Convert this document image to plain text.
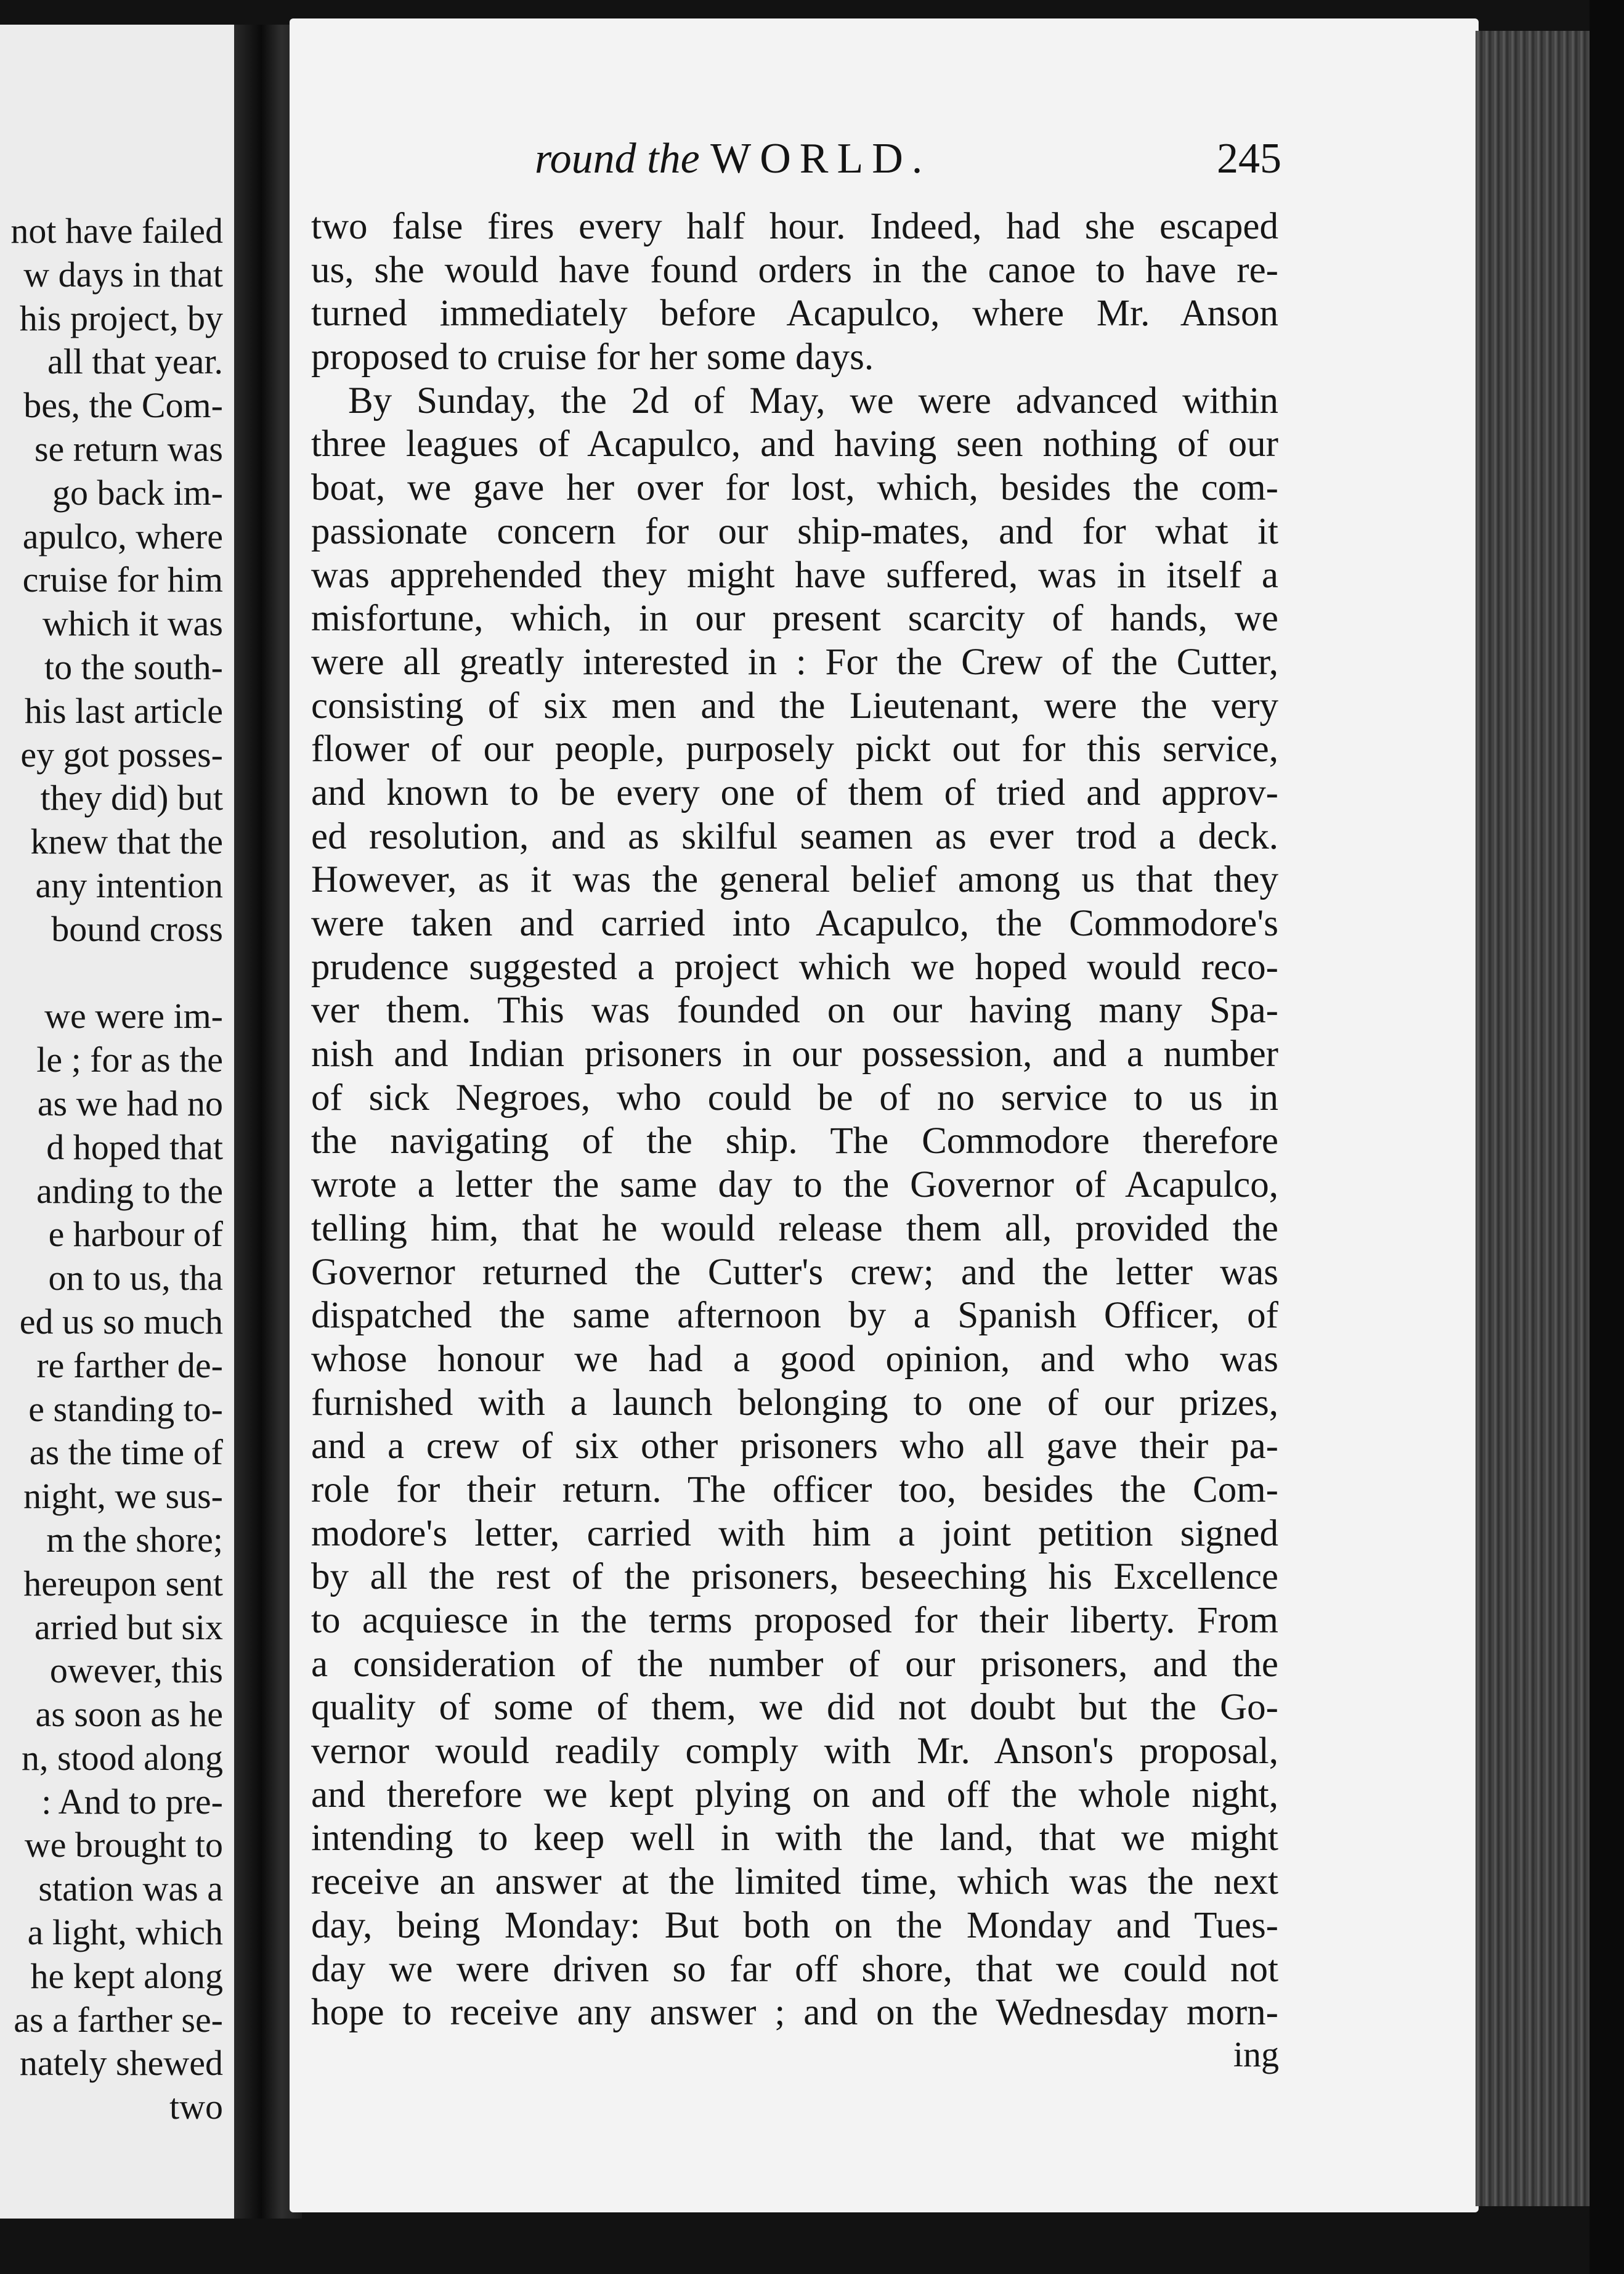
not have failed
w days in that
his project, by
all that year.
bes, the Com-
se return was
go back im-
apulco, where
cruise for him
which it was
to the south-
his last article
ey got posses-
they did) but
knew that the
any intention
bound cross
we were im-
le ; for as the
as we had no
d hoped that
anding to the
e harbour of
on to us, tha
ed us so much
re farther de-
e standing to-
as the time of
night, we sus-
m the shore;
hereupon sent
arried but six
owever, this
as soon as he
n, stood along
: And to pre-
we brought to
station was a
a light, which
he kept along
as a farther se-
nately shewed
two
round the WORLD.	245
two false fires every half hour. Indeed, had she escaped
us, she would have found orders in the canoe to have re-
turned immediately before Acapulco, where Mr. Anson
proposed to cruise for her some days.
By Sunday, the 2d of May, we were advanced within
three leagues of Acapulco, and having seen nothing of our
boat, we gave her over for lost, which, besides the com-
passionate concern for our ship-mates, and for what it
was apprehended they might have suffered, was in itself a
misfortune, which, in our present scarcity of hands, we
were all greatly interested in : For the Crew of the Cutter,
consisting of six men and the Lieutenant, were the very
flower of our people, purposely pickt out for this service,
and known to be every one of them of tried and approv-
ed resolution, and as skilful seamen as ever trod a deck.
However, as it was the general belief among us that they
were taken and carried into Acapulco, the Commodore's
prudence suggested a project which we hoped would reco-
ver them. This was founded on our having many Spa-
nish and Indian prisoners in our possession, and a number
of sick Negroes, who could be of no service to us in
the navigating of the ship. The Commodore therefore
wrote a letter the same day to the Governor of Acapulco,
telling him, that he would release them all, provided the
Governor returned the Cutter's crew; and the letter was
dispatched the same afternoon by a Spanish Officer, of
whose honour we had a good opinion, and who was
furnished with a launch belonging to one of our prizes,
and a crew of six other prisoners who all gave their pa-
role for their return. The officer too, besides the Com-
modore's letter, carried with him a joint petition signed
by all the rest of the prisoners, beseeching his Excellence
to acquiesce in the terms proposed for their liberty. From
a consideration of the number of our prisoners, and the
quality of some of them, we did not doubt but the Go-
vernor would readily comply with Mr. Anson's proposal,
and therefore we kept plying on and off the whole night,
intending to keep well in with the land, that we might
receive an answer at the limited time, which was the next
day, being Monday: But both on the Monday and Tues-
day we were driven so far off shore, that we could not
hope to receive any answer ; and on the Wednesday morn-
ing
